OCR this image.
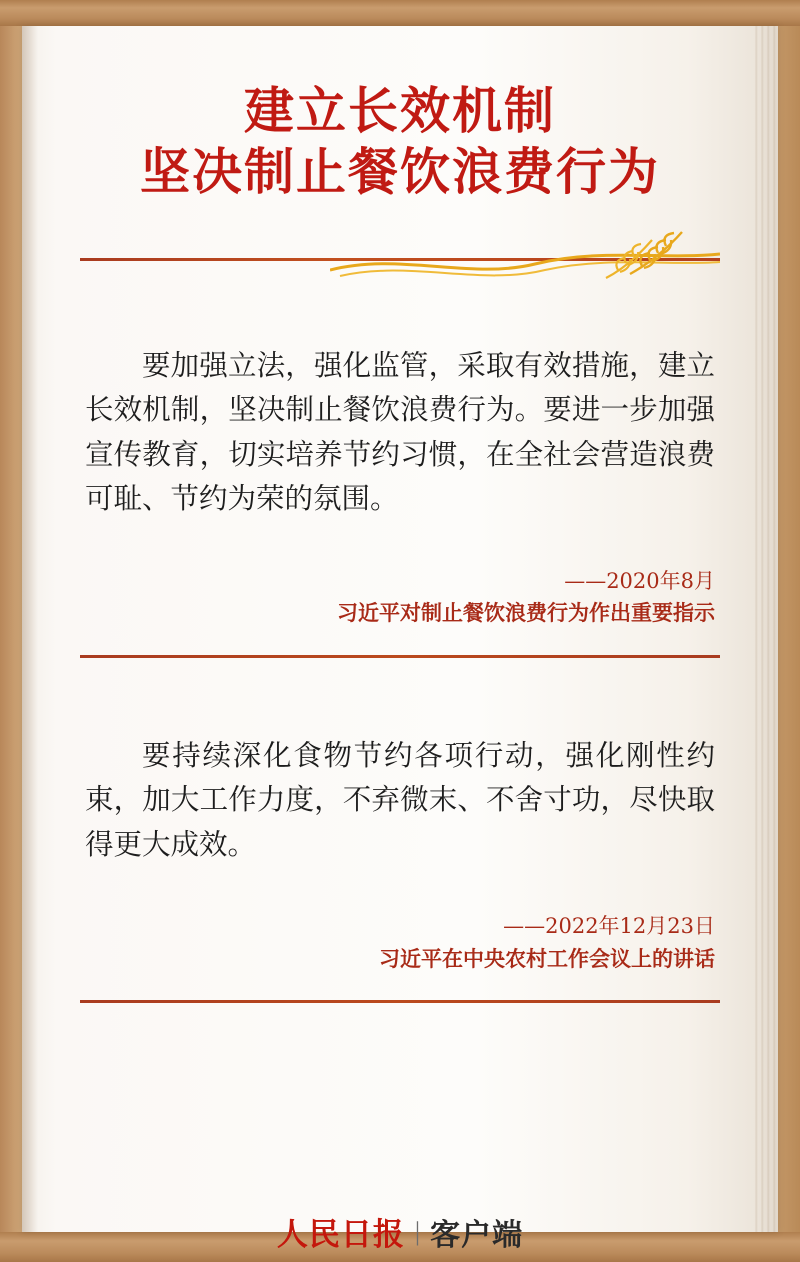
建立长效机制
坚决制止餐饮浪费行为
要加强立法，强化监管，采取有效措施，建立长效机制，坚决制止餐饮浪费行为。要进一步加强宣传教育，切实培养节约习惯，在全社会营造浪费可耻、节约为荣的氛围。
——2020年8月
习近平对制止餐饮浪费行为作出重要指示
要持续深化食物节约各项行动，强化刚性约束，加大工作力度，不弃微末、不舍寸功，尽快取得更大成效。
——2022年12月23日
习近平在中央农村工作会议上的讲话
人民日报 | 客户端
